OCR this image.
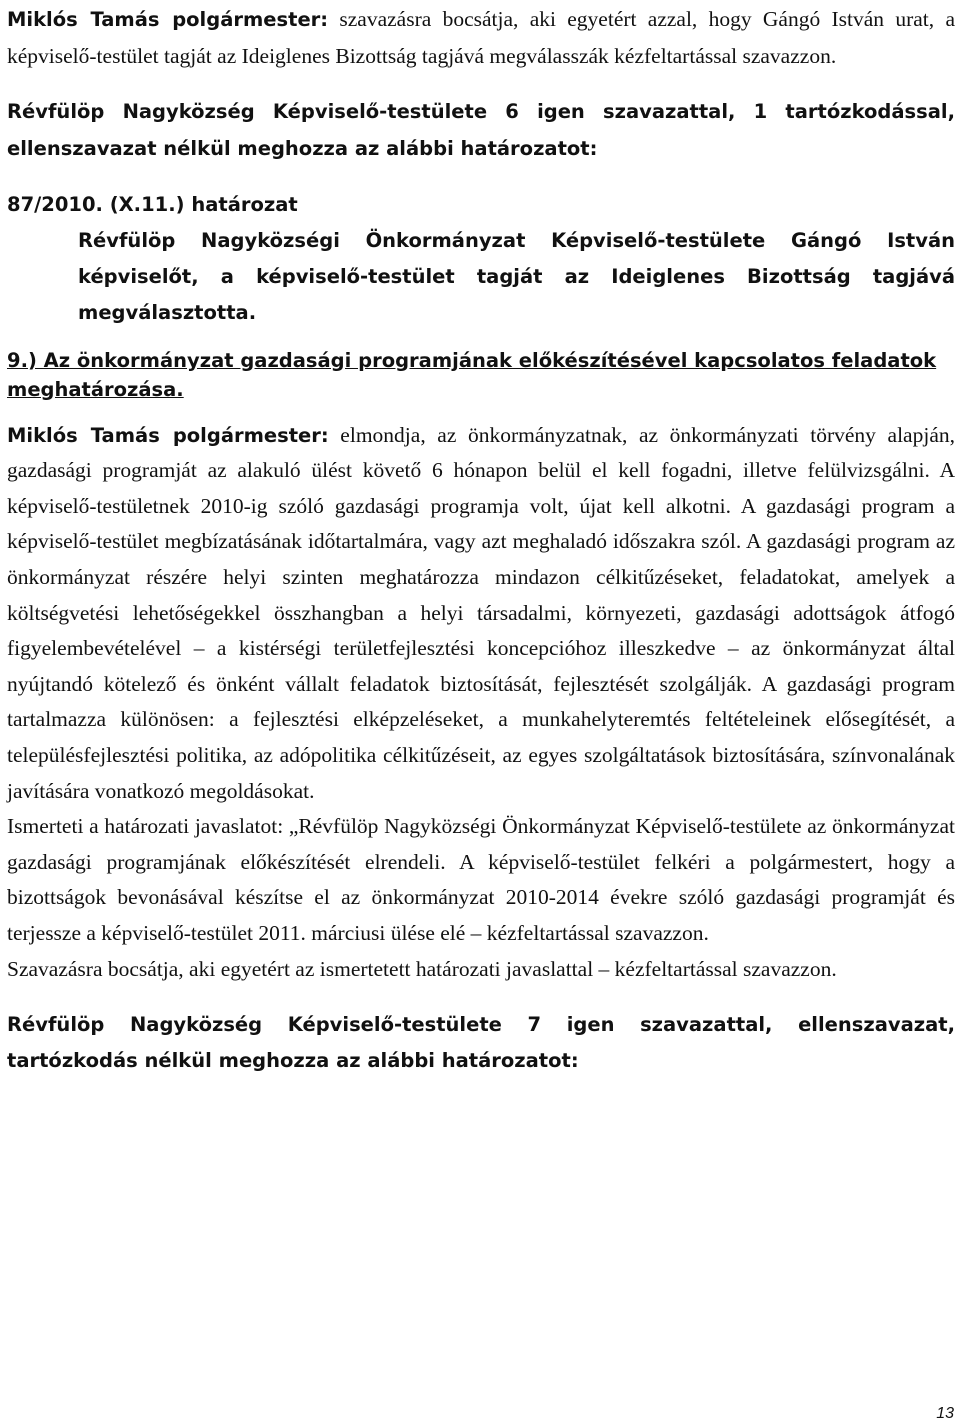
Miklós Tamás polgármester: szavazásra bocsátja, aki egyetért azzal, hogy Gángó István urat, a képviselő-testület tagját az Ideiglenes Bizottság tagjává megválasszák kézfeltartással szavazzon.

Révfülöp Nagyközség Képviselő-testülete 6 igen szavazattal, 1 tartózkodással, ellenszavazat nélkül meghozza az alábbi határozatot:

87/2010. (X.11.) határozat

Révfülöp Nagyközségi Önkormányzat Képviselő-testülete Gángó István képviselőt, a képviselő-testület tagját az Ideiglenes Bizottság tagjává megválasztotta.

9.) Az önkormányzat gazdasági programjának előkészítésével kapcsolatos feladatok meghatározása.

Miklós Tamás polgármester: elmondja, az önkormányzatnak, az önkormányzati törvény alapján, gazdasági programját az alakuló ülést követő 6 hónapon belül el kell fogadni, illetve felülvizsgálni. A képviselő-testületnek 2010-ig szóló gazdasági programja volt, újat kell alkotni. A gazdasági program a képviselő-testület megbízatásának időtartalmára, vagy azt meghaladó időszakra szól. A gazdasági program az önkormányzat részére helyi szinten meghatározza mindazon célkitűzéseket, feladatokat, amelyek a költségvetési lehetőségekkel összhangban a helyi társadalmi, környezeti, gazdasági adottságok átfogó figyelembevételével – a kistérségi területfejlesztési koncepcióhoz illeszkedve – az önkormányzat által nyújtandó kötelező és önként vállalt feladatok biztosítását, fejlesztését szolgálják. A gazdasági program tartalmazza különösen: a fejlesztési elképzeléseket, a munkahelyteremtés feltételeinek elősegítését, a településfejlesztési politika, az adópolitika célkitűzéseit, az egyes szolgáltatások biztosítására, színvonalának javítására vonatkozó megoldásokat.

Ismerteti a határozati javaslatot: „Révfülöp Nagyközségi Önkormányzat Képviselő-testülete az önkormányzat gazdasági programjának előkészítését elrendeli. A képviselő-testület felkéri a polgármestert, hogy a bizottságok bevonásával készítse el az önkormányzat 2010-2014 évekre szóló gazdasági programját és terjessze a képviselő-testület 2011. márciusi ülése elé – kézfeltartással szavazzon.

Szavazásra bocsátja, aki egyetért az ismertetett határozati javaslattal – kézfeltartással szavazzon.

Révfülöp Nagyközség Képviselő-testülete 7 igen szavazattal, ellenszavazat, tartózkodás nélkül meghozza az alábbi határozatot:

13
